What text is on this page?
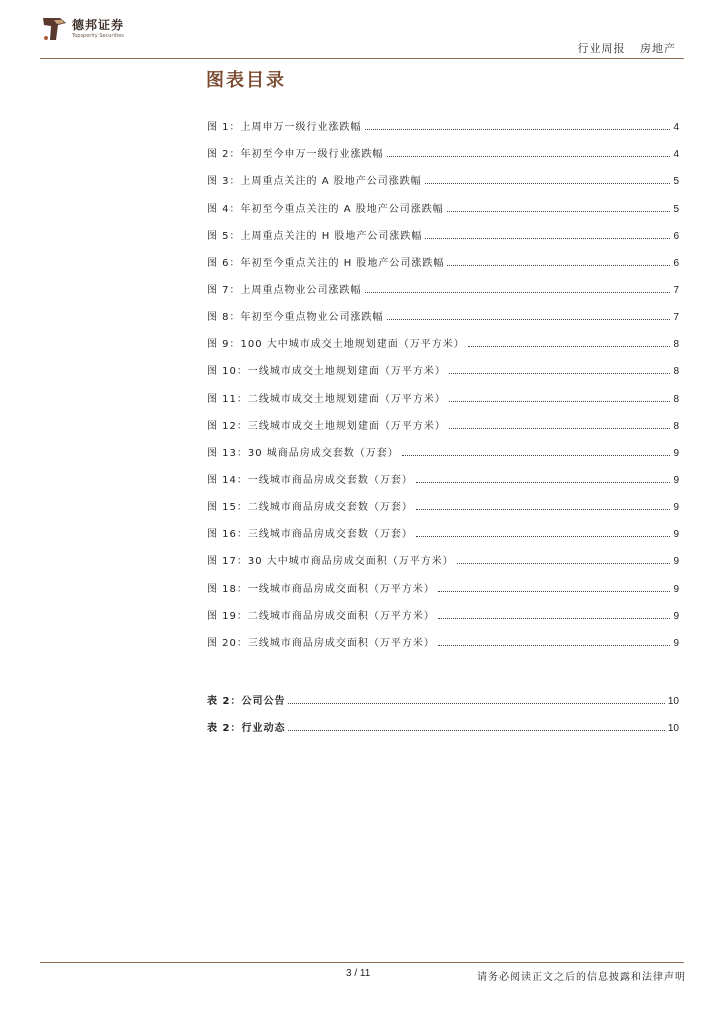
德邦证券
Topsperity Securities
行业周报 房地产
图表目录
图 1：上周申万一级行业涨跌幅	4
图 2：年初至今申万一级行业涨跌幅	4
图 3：上周重点关注的 A 股地产公司涨跌幅	5
图 4：年初至今重点关注的 A 股地产公司涨跌幅	5
图 5：上周重点关注的 H 股地产公司涨跌幅	6
图 6：年初至今重点关注的 H 股地产公司涨跌幅	6
图 7：上周重点物业公司涨跌幅	7
图 8：年初至今重点物业公司涨跌幅	7
图 9：100 大中城市成交土地规划建面（万平方米）	8
图 10：一线城市成交土地规划建面（万平方米）	8
图 11：二线城市成交土地规划建面（万平方米）	8
图 12：三线城市成交土地规划建面（万平方米）	8
图 13：30 城商品房成交套数（万套）	9
图 14：一线城市商品房成交套数（万套）	9
图 15：二线城市商品房成交套数（万套）	9
图 16：三线城市商品房成交套数（万套）	9
图 17：30 大中城市商品房成交面积（万平方米）	9
图 18：一线城市商品房成交面积（万平方米）	9
图 19：二线城市商品房成交面积（万平方米）	9
图 20：三线城市商品房成交面积（万平方米）	9
表 2：公司公告	10
表 2：行业动态	10
3 / 11	请务必阅读正文之后的信息披露和法律声明
